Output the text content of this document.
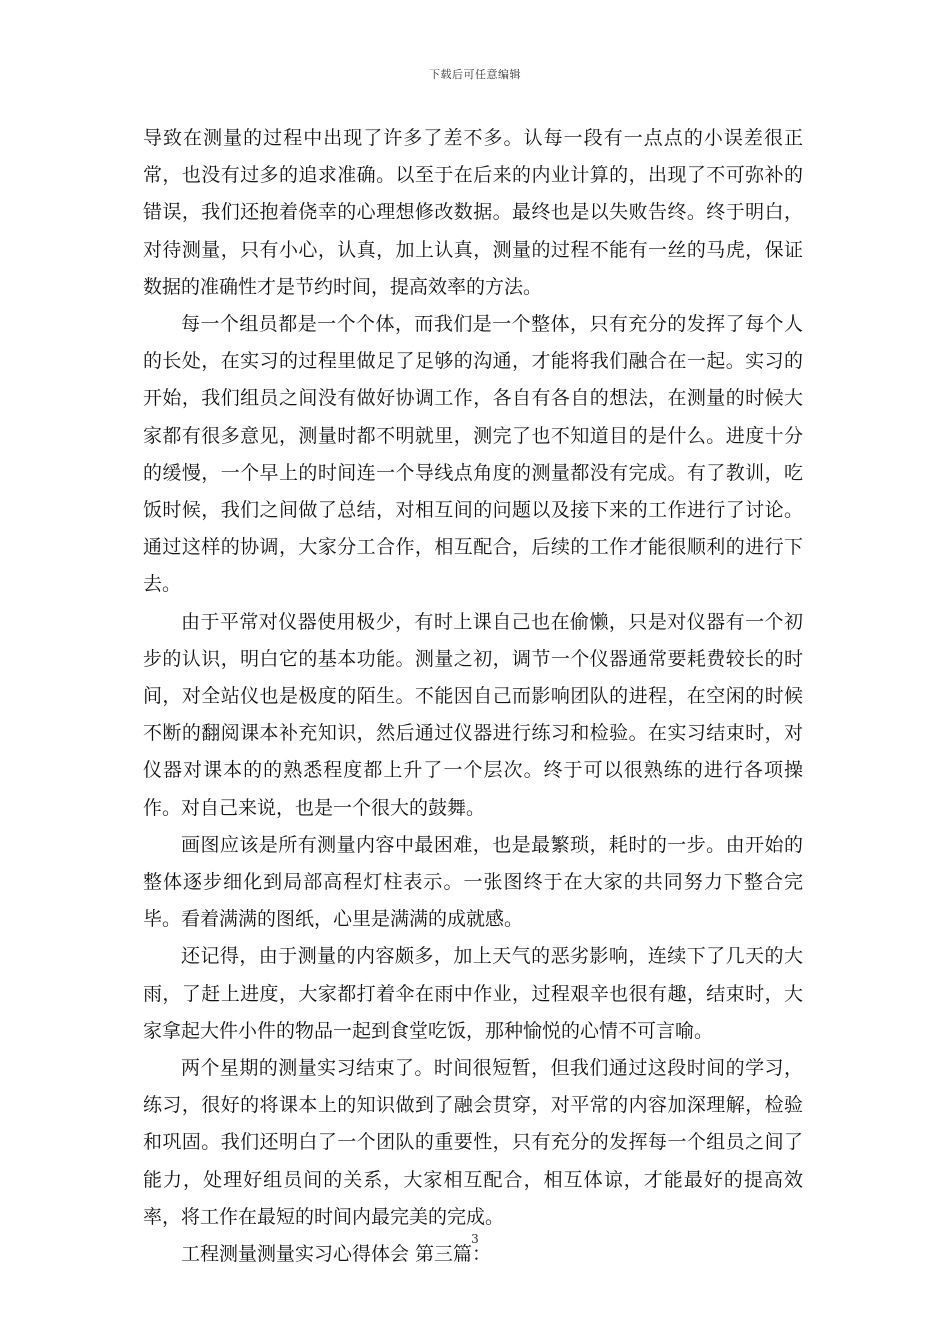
下载后可任意编辑

导致在测量的过程中出现了许多了差不多。认每一段有一点点的小误差很正常，也没有过多的追求准确。以至于在后来的内业计算的，出现了不可弥补的错误，我们还抱着侥幸的心理想修改数据。最终也是以失败告终。终于明白，对待测量，只有小心，认真，加上认真，测量的过程不能有一丝的马虎，保证数据的准确性才是节约时间，提高效率的方法。

每一个组员都是一个个体，而我们是一个整体，只有充分的发挥了每个人的长处，在实习的过程里做足了足够的沟通，才能将我们融合在一起。实习的开始，我们组员之间没有做好协调工作，各自有各自的想法，在测量的时候大家都有很多意见，测量时都不明就里，测完了也不知道目的是什么。进度十分的缓慢，一个早上的时间连一个导线点角度的测量都没有完成。有了教训，吃饭时候，我们之间做了总结，对相互间的问题以及接下来的工作进行了讨论。通过这样的协调，大家分工合作，相互配合，后续的工作才能很顺利的进行下去。

由于平常对仪器使用极少，有时上课自己也在偷懒，只是对仪器有一个初步的认识，明白它的基本功能。测量之初，调节一个仪器通常要耗费较长的时间，对全站仪也是极度的陌生。不能因自己而影响团队的进程，在空闲的时候不断的翻阅课本补充知识，然后通过仪器进行练习和检验。在实习结束时，对仪器对课本的的熟悉程度都上升了一个层次。终于可以很熟练的进行各项操作。对自己来说，也是一个很大的鼓舞。

画图应该是所有测量内容中最困难，也是最繁琐，耗时的一步。由开始的整体逐步细化到局部高程灯柱表示。一张图终于在大家的共同努力下整合完毕。看着满满的图纸，心里是满满的成就感。

还记得，由于测量的内容颇多，加上天气的恶劣影响，连续下了几天的大雨，了赶上进度，大家都打着伞在雨中作业，过程艰辛也很有趣，结束时，大家拿起大件小件的物品一起到食堂吃饭，那种愉悦的心情不可言喻。

两个星期的测量实习结束了。时间很短暂，但我们通过这段时间的学习，练习，很好的将课本上的知识做到了融会贯穿，对平常的内容加深理解，检验和巩固。我们还明白了一个团队的重要性，只有充分的发挥每一个组员之间了能力，处理好组员间的关系，大家相互配合，相互体谅，才能最好的提高效率，将工作在最短的时间内最完美的完成。

工程测量测量实习心得体会 第三篇：

3
